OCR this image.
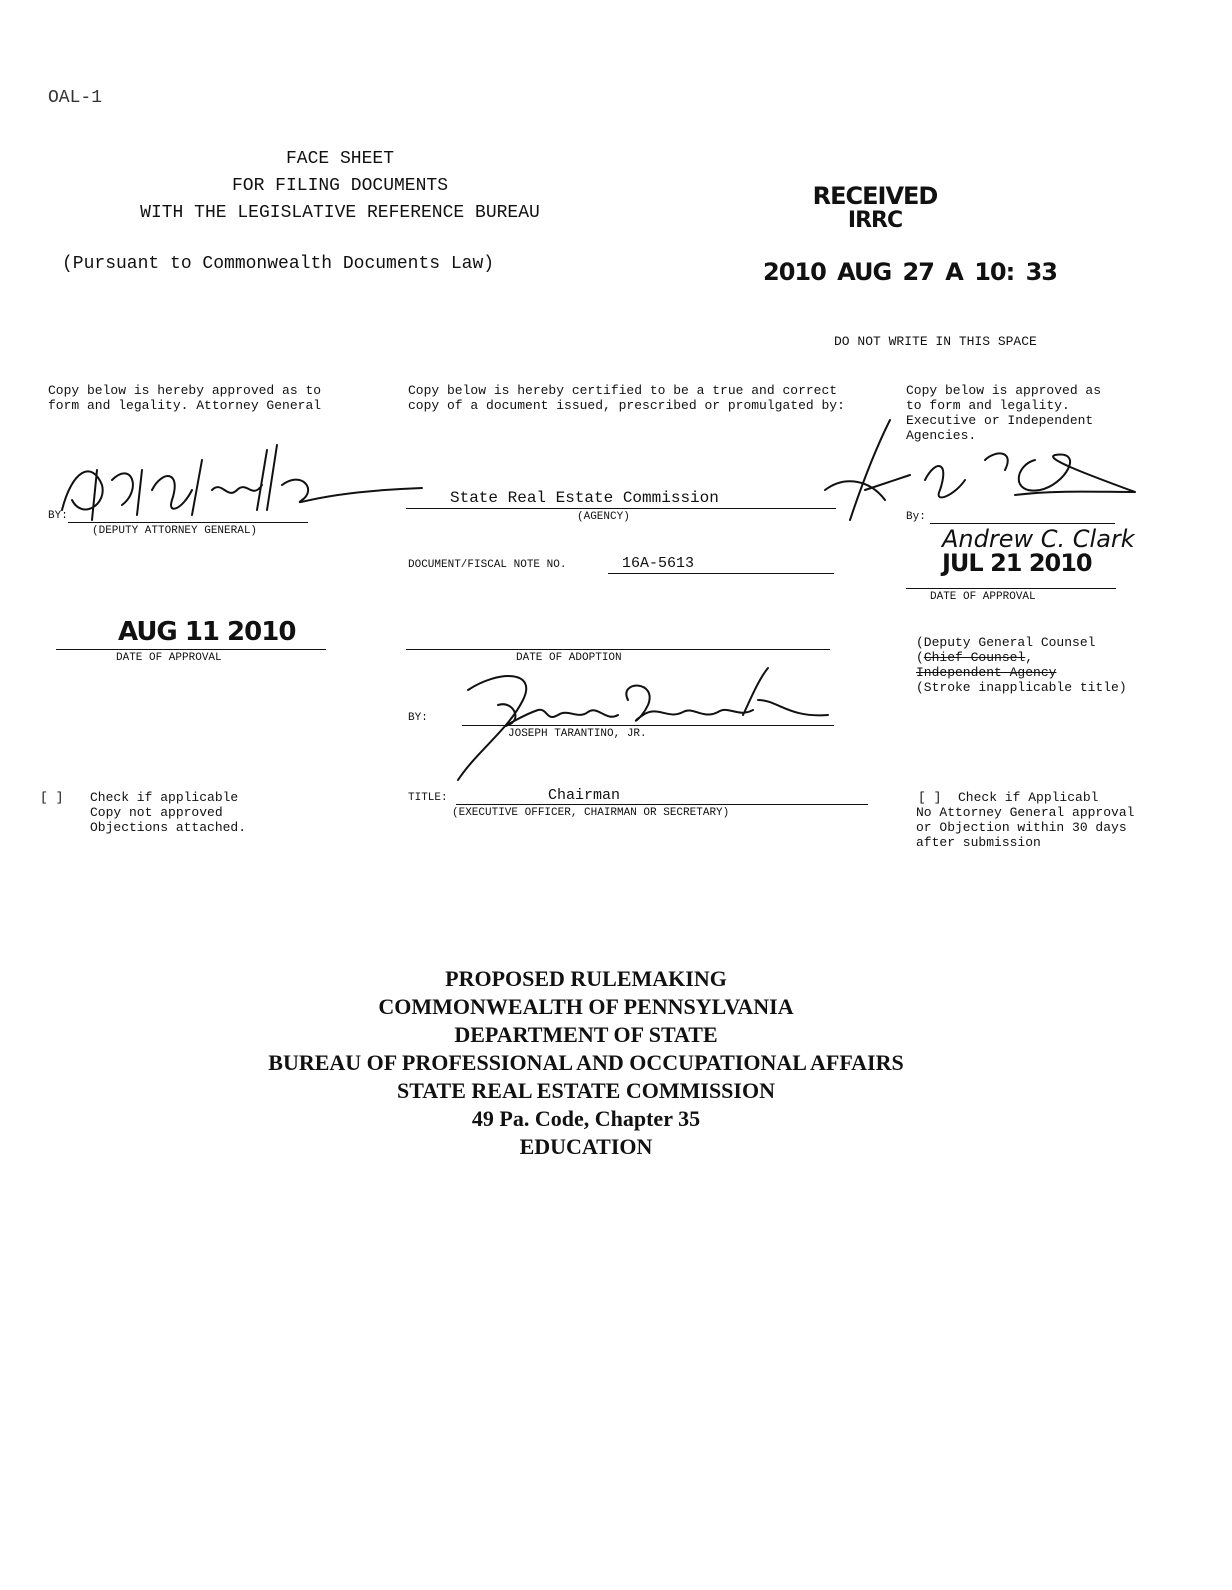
OAL-1
FACE SHEET
FOR FILING DOCUMENTS
WITH THE LEGISLATIVE REFERENCE BUREAU
(Pursuant to Commonwealth Documents Law)
RECEIVED
IRRC
2010 AUG 27 A 10: 33
DO NOT WRITE IN THIS SPACE
Copy below is hereby approved as to
form and legality. Attorney General
BY:
(DEPUTY ATTORNEY GENERAL)
AUG 11 2010
DATE OF APPROVAL
[ ] Check if applicable
Copy not approved
Objections attached.
Copy below is hereby certified to be a true and correct
copy of a document issued, prescribed or promulgated by:
State Real Estate Commission
(AGENCY)
DOCUMENT/FISCAL NOTE NO.	16A-5613
DATE OF ADOPTION
BY:
JOSEPH TARANTINO, JR.
TITLE:	Chairman
(EXECUTIVE OFFICER, CHAIRMAN OR SECRETARY)
Copy below is approved as
to form and legality.
Executive or Independent
Agencies.
By:
Andrew C. Clark
JUL 21 2010
DATE OF APPROVAL
(Deputy General Counsel
(Chief Counsel,
Independent Agency
(Stroke inapplicable title)
[ ]	Check if Applicabl
No Attorney General approval
or Objection within 30 days
after submission
PROPOSED RULEMAKING
COMMONWEALTH OF PENNSYLVANIA
DEPARTMENT OF STATE
BUREAU OF PROFESSIONAL AND OCCUPATIONAL AFFAIRS
STATE REAL ESTATE COMMISSION
49 Pa. Code, Chapter 35
EDUCATION
